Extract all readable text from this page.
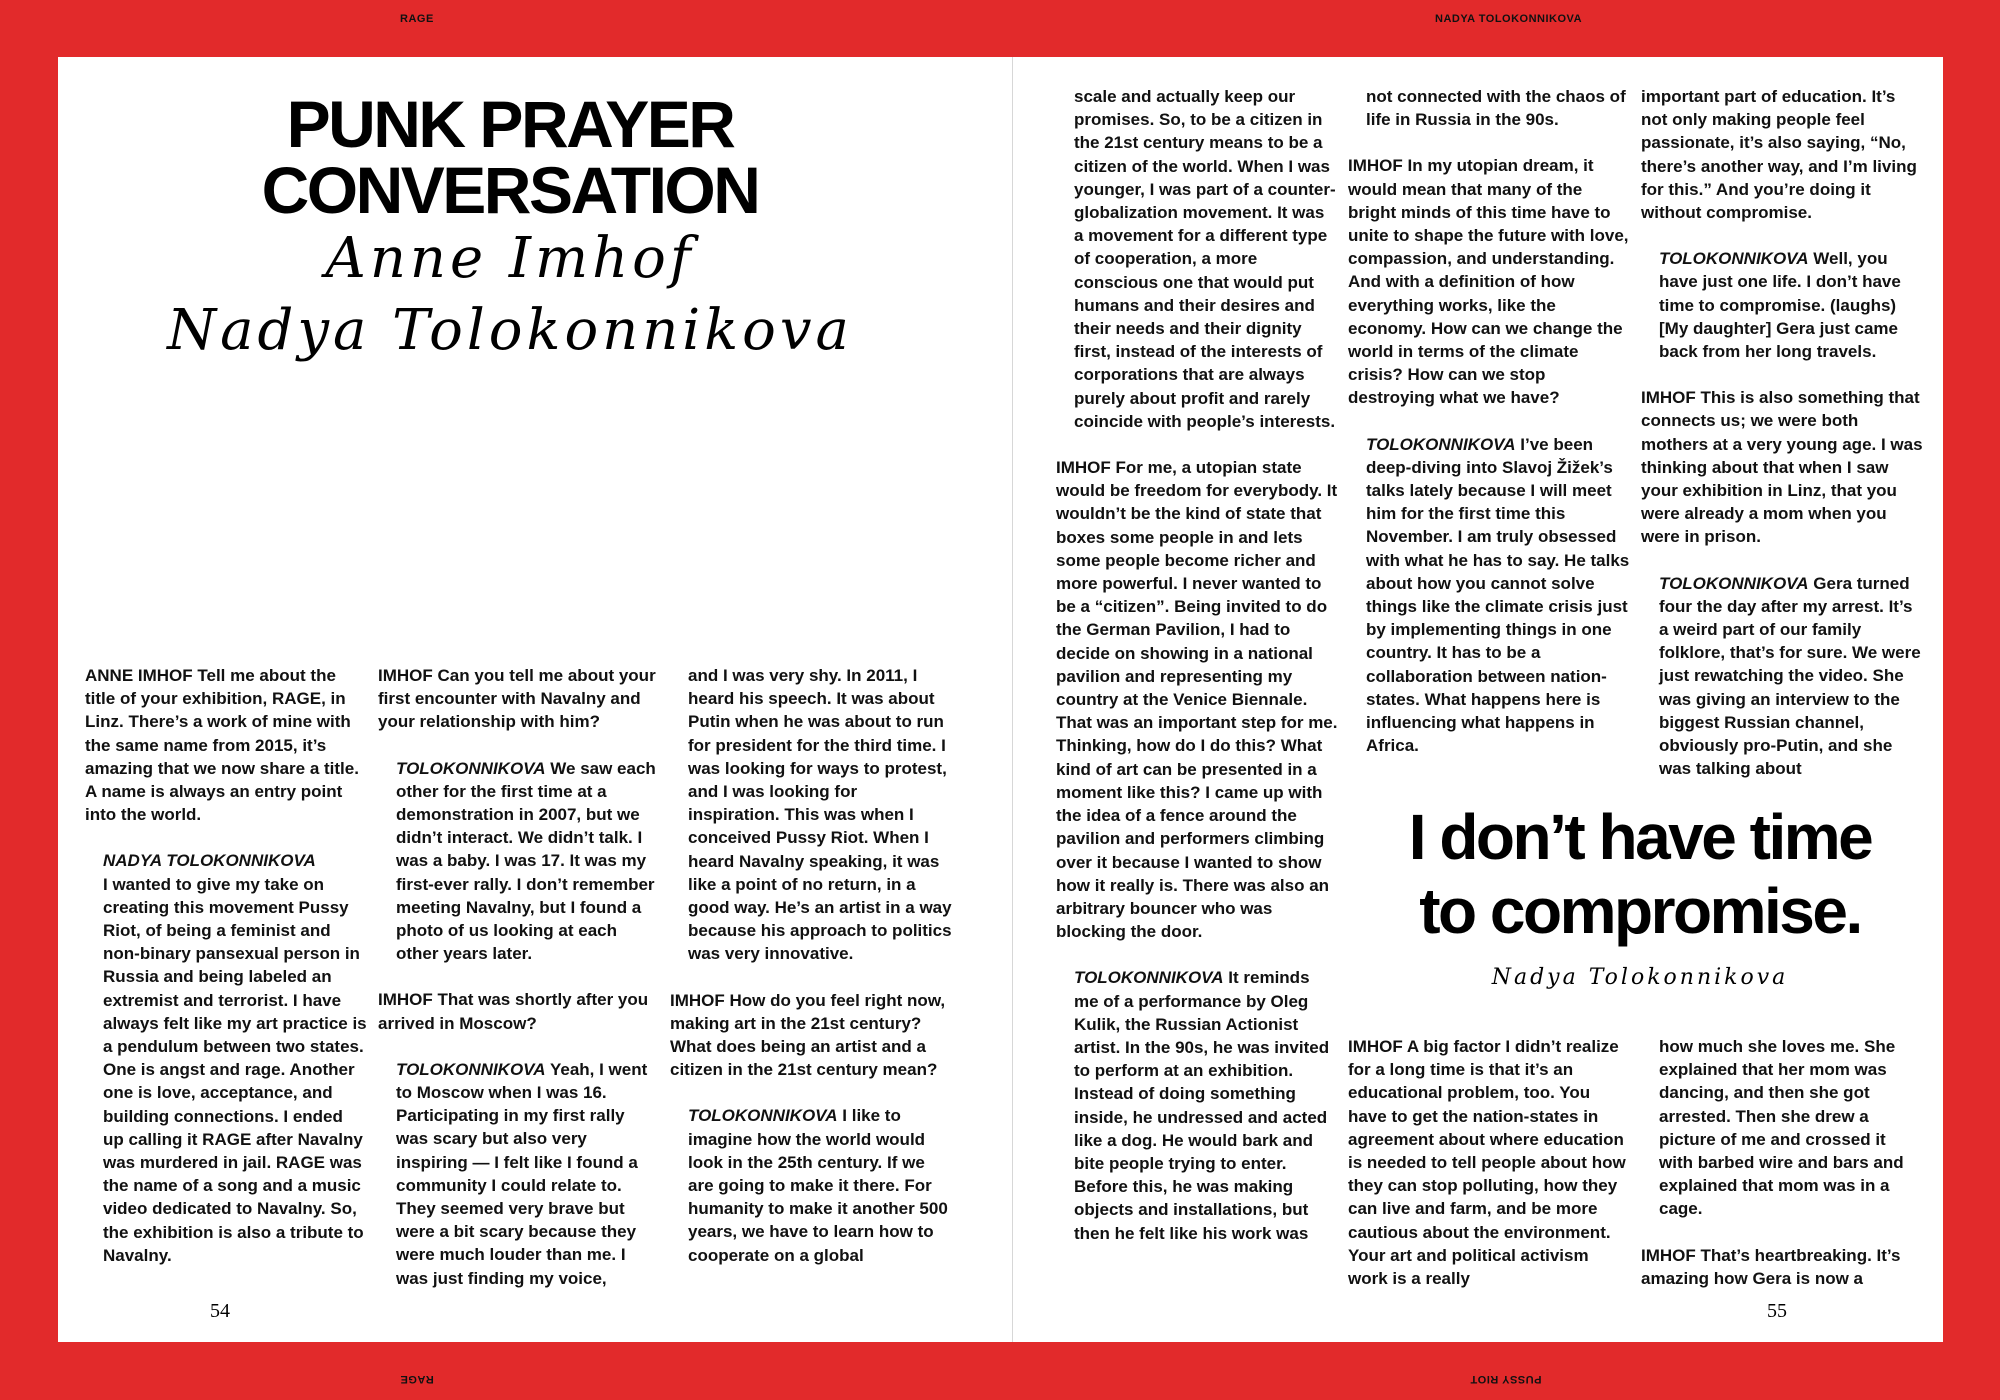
RAGE	NADYA TOLOKONNIKOVA
RAGE	PUSSY RIOT
PUNK PRAYER
CONVERSATION

Anne Imhof

Nadya Tolokonnikova

ANNE IMHOF Tell me about the title of your exhibition, RAGE, in Linz. There’s a work of mine with the same name from 2015, it’s amazing that we now share a title. A name is always an entry point into the world.

NADYA TOLOKONNIKOVA
I wanted to give my take on creating this movement Pussy Riot, of being a feminist and non-binary pansexual person in Russia and being labeled an extremist and terrorist. I have always felt like my art practice is a pendulum between two states. One is angst and rage. Another one is love, acceptance, and building connections. I ended up calling it RAGE after Navalny was murdered in jail. RAGE was the name of a song and a music video dedicated to Navalny. So, the exhibition is also a tribute to Navalny.

IMHOF Can you tell me about your first encounter with Navalny and your relationship with him?

TOLOKONNIKOVA We saw each other for the first time at a demonstration in 2007, but we didn’t interact. We didn’t talk. I was a baby. I was 17. It was my first-ever rally. I don’t remember meeting Navalny, but I found a photo of us looking at each other years later.

IMHOF That was shortly after you arrived in Moscow?

TOLOKONNIKOVA Yeah, I went to Moscow when I was 16. Participating in my first rally was scary but also very inspiring — I felt like I found a community I could relate to. They seemed very brave but were a bit scary because they were much louder than me. I was just finding my voice,

and I was very shy. In 2011, I heard his speech. It was about Putin when he was about to run for president for the third time. I was looking for ways to protest, and I was looking for inspiration. This was when I conceived Pussy Riot. When I heard Navalny speaking, it was like a point of no return, in a good way. He’s an artist in a way because his approach to politics was very innovative.

IMHOF How do you feel right now, making art in the 21st century? What does being an artist and a citizen in the 21st century mean?

TOLOKONNIKOVA I like to imagine how the world would look in the 25th century. If we are going to make it there. For humanity to make it another 500 years, we have to learn how to cooperate on a global

scale and actually keep our promises. So, to be a citizen in the 21st century means to be a citizen of the world. When I was younger, I was part of a counter-globalization movement. It was a movement for a different type of cooperation, a more conscious one that would put humans and their desires and their needs and their dignity first, instead of the interests of corporations that are always purely about profit and rarely coincide with people’s interests.

IMHOF For me, a utopian state would be freedom for everybody. It wouldn’t be the kind of state that boxes some people in and lets some people become richer and more powerful. I never wanted to be a “citizen”. Being invited to do the German Pavilion, I had to decide on showing in a national pavilion and representing my country at the Venice Biennale. That was an important step for me. Thinking, how do I do this? What kind of art can be presented in a moment like this? I came up with the idea of a fence around the pavilion and performers climbing over it because I wanted to show how it really is. There was also an arbitrary bouncer who was blocking the door.

TOLOKONNIKOVA It reminds me of a performance by Oleg Kulik, the Russian Actionist artist. In the 90s, he was invited to perform at an exhibition. Instead of doing something inside, he undressed and acted like a dog. He would bark and bite people trying to enter. Before this, he was making objects and installations, but then he felt like his work was

not connected with the chaos of life in Russia in the 90s.

IMHOF In my utopian dream, it would mean that many of the bright minds of this time have to unite to shape the future with love, compassion, and understanding. And with a definition of how everything works, like the economy. How can we change the world in terms of the climate crisis? How can we stop destroying what we have?

TOLOKONNIKOVA I’ve been deep-diving into Slavoj Žižek’s talks lately because I will meet him for the first time this November. I am truly obsessed with what he has to say. He talks about how you cannot solve things like the climate crisis just by implementing things in one country. It has to be a collaboration between nation-states. What happens here is influencing what happens in Africa.

important part of education. It’s not only making people feel passionate, it’s also saying, “No, there’s another way, and I’m living for this.” And you’re doing it without compromise.

TOLOKONNIKOVA Well, you have just one life. I don’t have time to compromise. (laughs) [My daughter] Gera just came back from her long travels.

IMHOF This is also something that connects us; we were both mothers at a very young age. I was thinking about that when I saw your exhibition in Linz, that you were already a mom when you were in prison.

TOLOKONNIKOVA Gera turned four the day after my arrest. It’s a weird part of our family folklore, that’s for sure. We were just rewatching the video. She was giving an interview to the biggest Russian channel, obviously pro-Putin, and she was talking about

I don’t have time
to compromise.

Nadya Tolokonnikova

IMHOF A big factor I didn’t realize for a long time is that it’s an educational problem, too. You have to get the nation-states in agreement about where education is needed to tell people about how they can stop polluting, how they can live and farm, and be more cautious about the environment. Your art and political activism work is a really

how much she loves me. She explained that her mom was dancing, and then she got arrested. Then she drew a picture of me and crossed it with barbed wire and bars and explained that mom was in a cage.

IMHOF That’s heartbreaking. It’s amazing how Gera is now a

54	55
